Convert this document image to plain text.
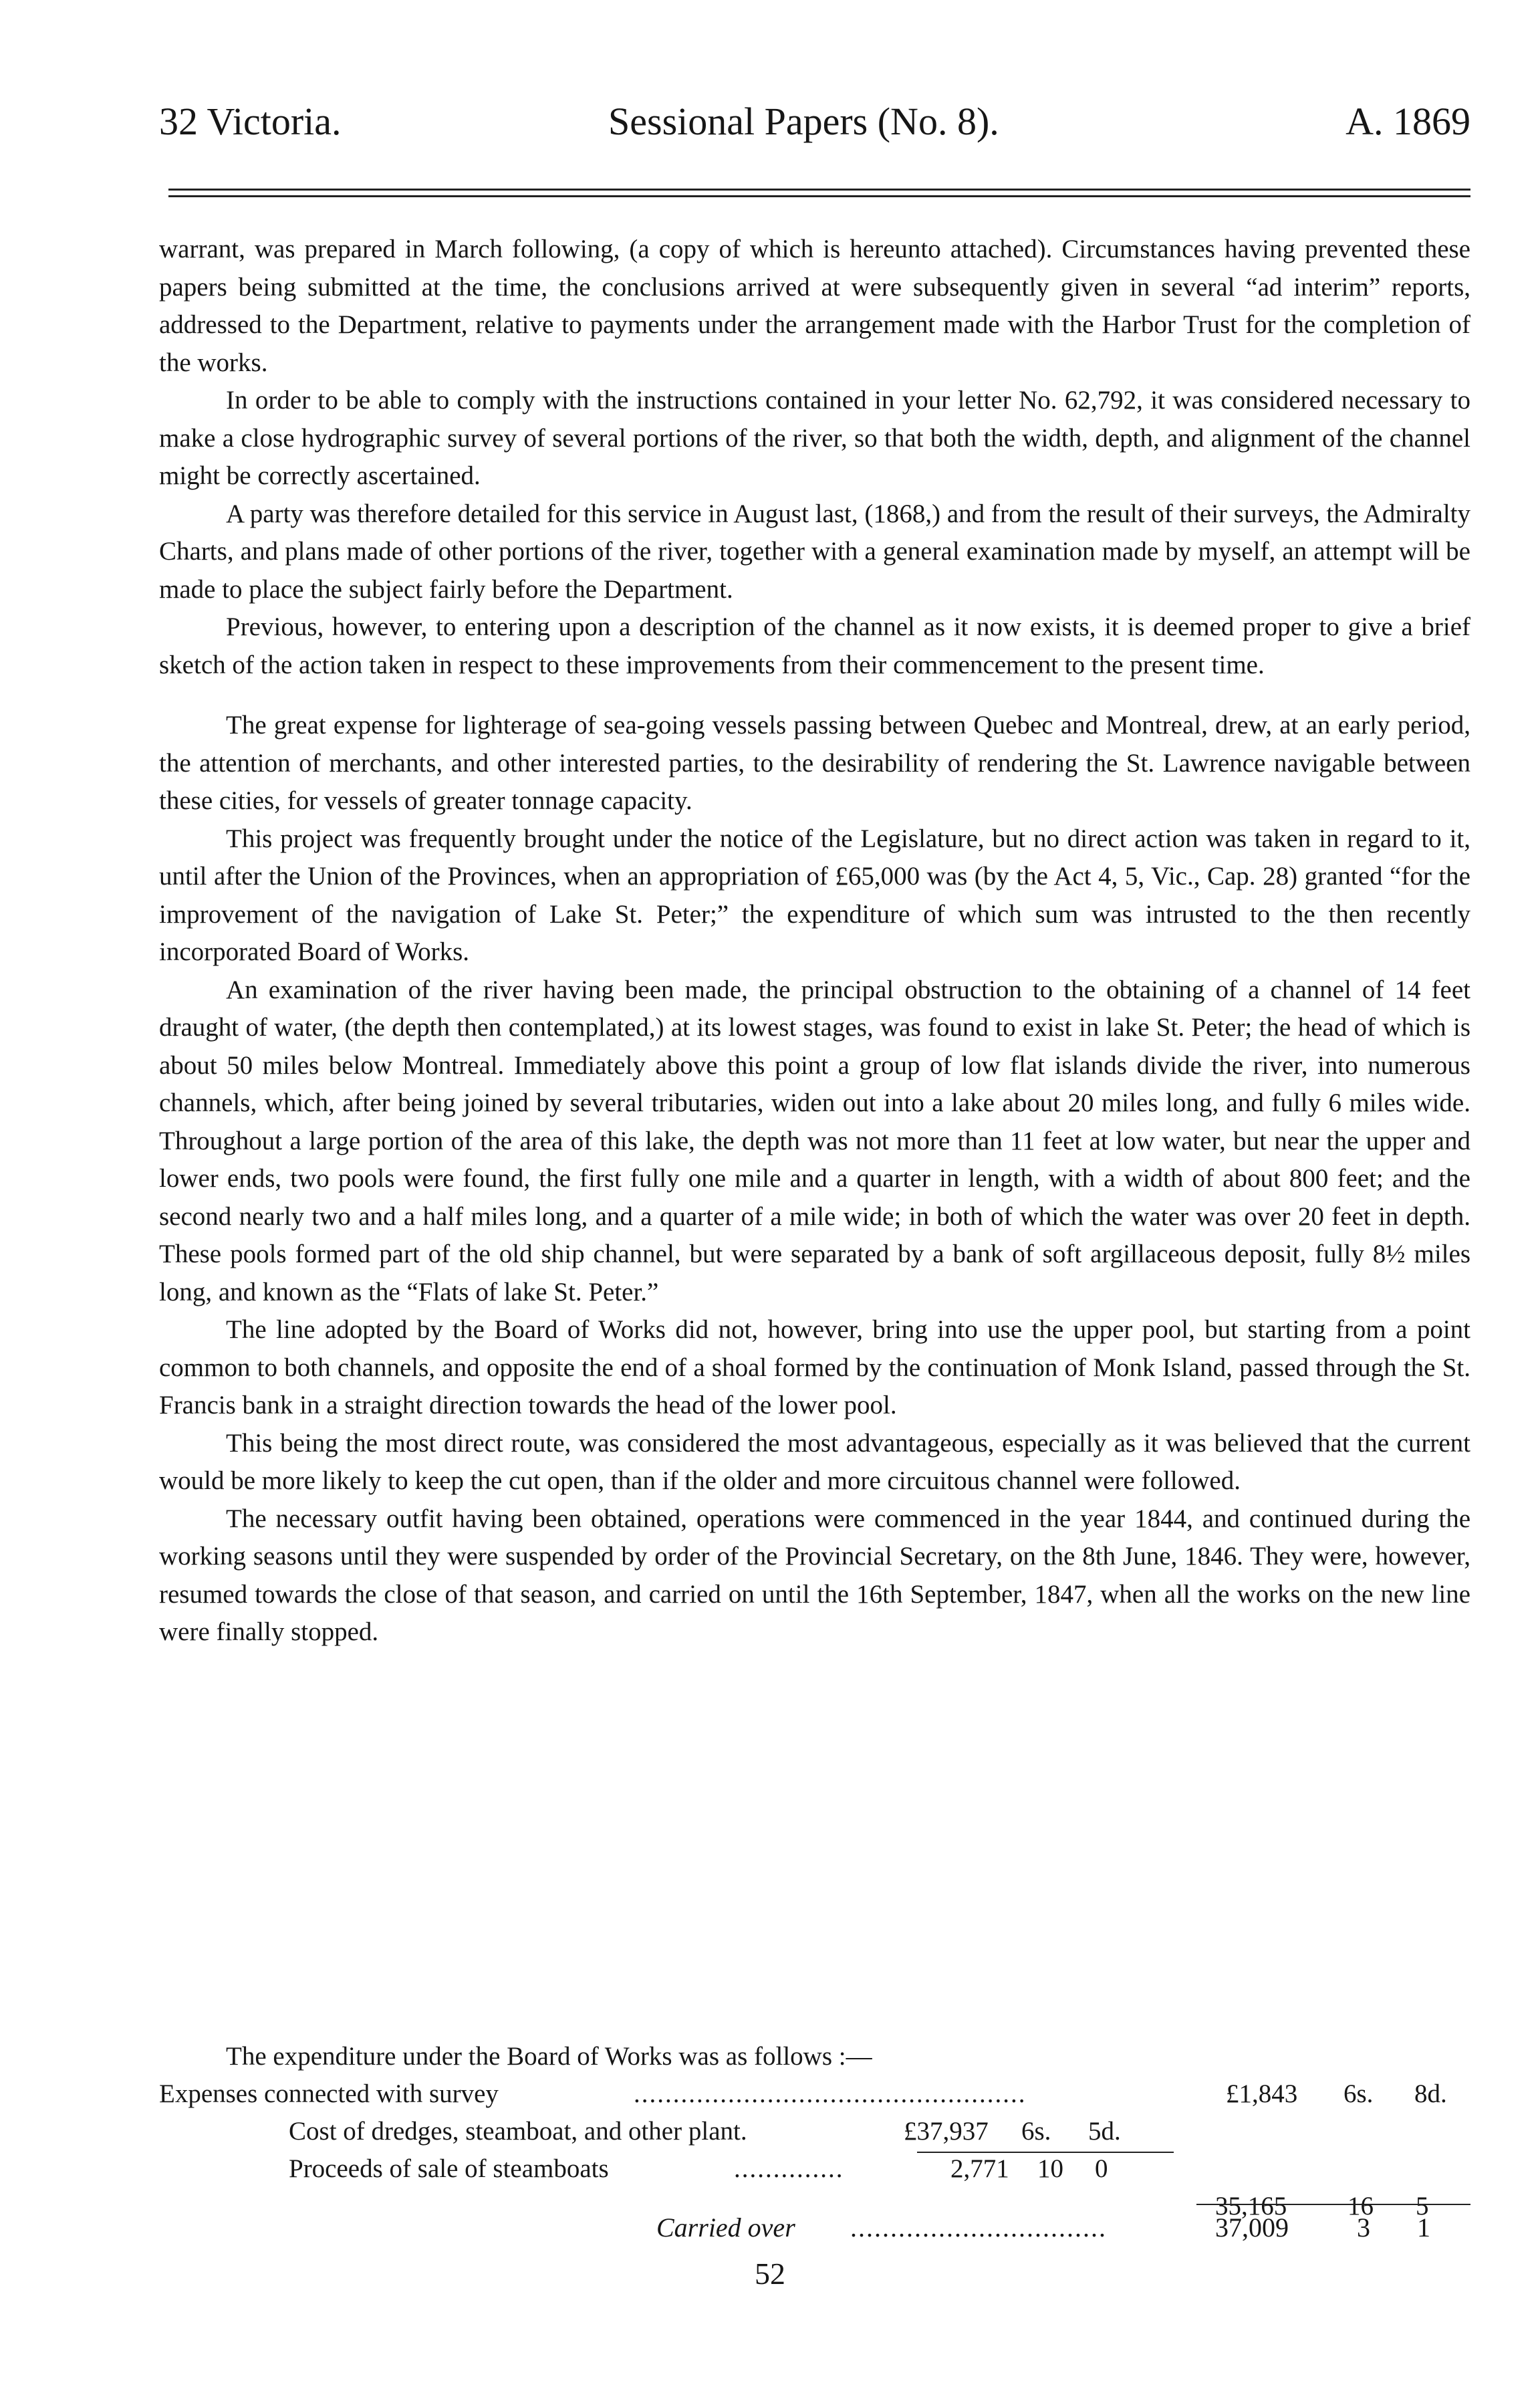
32 Victoria.	Sessional Papers (No. 8).	A. 1869

warrant, was prepared in March following, (a copy of which is hereunto attached). Circumstances having prevented these papers being submitted at the time, the conclusions arrived at were subsequently given in several “ad interim” reports, addressed to the Department, relative to payments under the arrangement made with the Harbor Trust for the completion of the works.

In order to be able to comply with the instructions contained in your letter No. 62,792, it was considered necessary to make a close hydrographic survey of several portions of the river, so that both the width, depth, and alignment of the channel might be correctly ascertained.

A party was therefore detailed for this service in August last, (1868,) and from the result of their surveys, the Admiralty Charts, and plans made of other portions of the river, together with a general examination made by myself, an attempt will be made to place the subject fairly before the Department.

Previous, however, to entering upon a description of the channel as it now exists, it is deemed proper to give a brief sketch of the action taken in respect to these improvements from their commencement to the present time.

The great expense for lighterage of sea-going vessels passing between Quebec and Montreal, drew, at an early period, the attention of merchants, and other interested parties, to the desirability of rendering the St. Lawrence navigable between these cities, for vessels of greater tonnage capacity.

This project was frequently brought under the notice of the Legislature, but no direct action was taken in regard to it, until after the Union of the Provinces, when an appropriation of £65,000 was (by the Act 4, 5, Vic., Cap. 28) granted “for the improvement of the navigation of Lake St. Peter;” the expenditure of which sum was intrusted to the then recently incorporated Board of Works.

An examination of the river having been made, the principal obstruction to the obtaining of a channel of 14 feet draught of water, (the depth then contemplated,) at its lowest stages, was found to exist in lake St. Peter; the head of which is about 50 miles below Montreal. Immediately above this point a group of low flat islands divide the river, into numerous channels, which, after being joined by several tributaries, widen out into a lake about 20 miles long, and fully 6 miles wide. Throughout a large portion of the area of this lake, the depth was not more than 11 feet at low water, but near the upper and lower ends, two pools were found, the first fully one mile and a quarter in length, with a width of about 800 feet; and the second nearly two and a half miles long, and a quarter of a mile wide; in both of which the water was over 20 feet in depth. These pools formed part of the old ship channel, but were separated by a bank of soft argillaceous deposit, fully 8½ miles long, and known as the “Flats of lake St. Peter.”

The line adopted by the Board of Works did not, however, bring into use the upper pool, but starting from a point common to both channels, and opposite the end of a shoal formed by the continuation of Monk Island, passed through the St. Francis bank in a straight direction towards the head of the lower pool.

This being the most direct route, was considered the most advantageous, especially as it was believed that the current would be more likely to keep the cut open, than if the older and more circuitous channel were followed.

The necessary outfit having been obtained, operations were commenced in the year 1844, and continued during the working seasons until they were suspended by order of the Provincial Secretary, on the 8th June, 1846. They were, however, resumed towards the close of that season, and carried on until the 16th September, 1847, when all the works on the new line were finally stopped.

The expenditure under the Board of Works was as follows :—
Expenses connected with survey	..................................................	£1,843 6s. 8d.
Cost of dredges, steamboat, and other plant.	£37,937 6s. 5d.
Proceeds of sale of steamboats	..............	2,771 10 0
35,165 16 5
Carried over ................................	37,009	3 1
52
